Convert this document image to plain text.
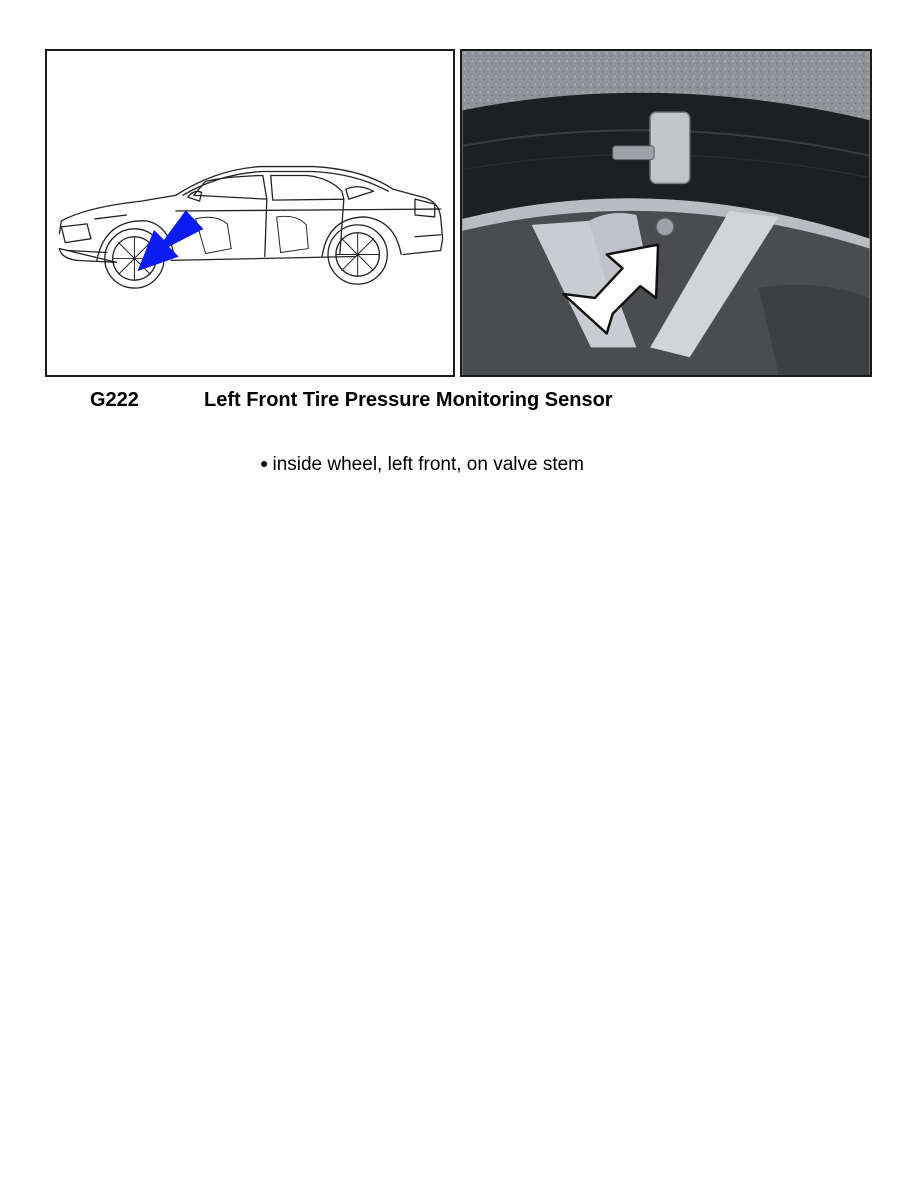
G222	Left Front Tire Pressure Monitoring Sensor
● inside wheel, left front, on valve stem
